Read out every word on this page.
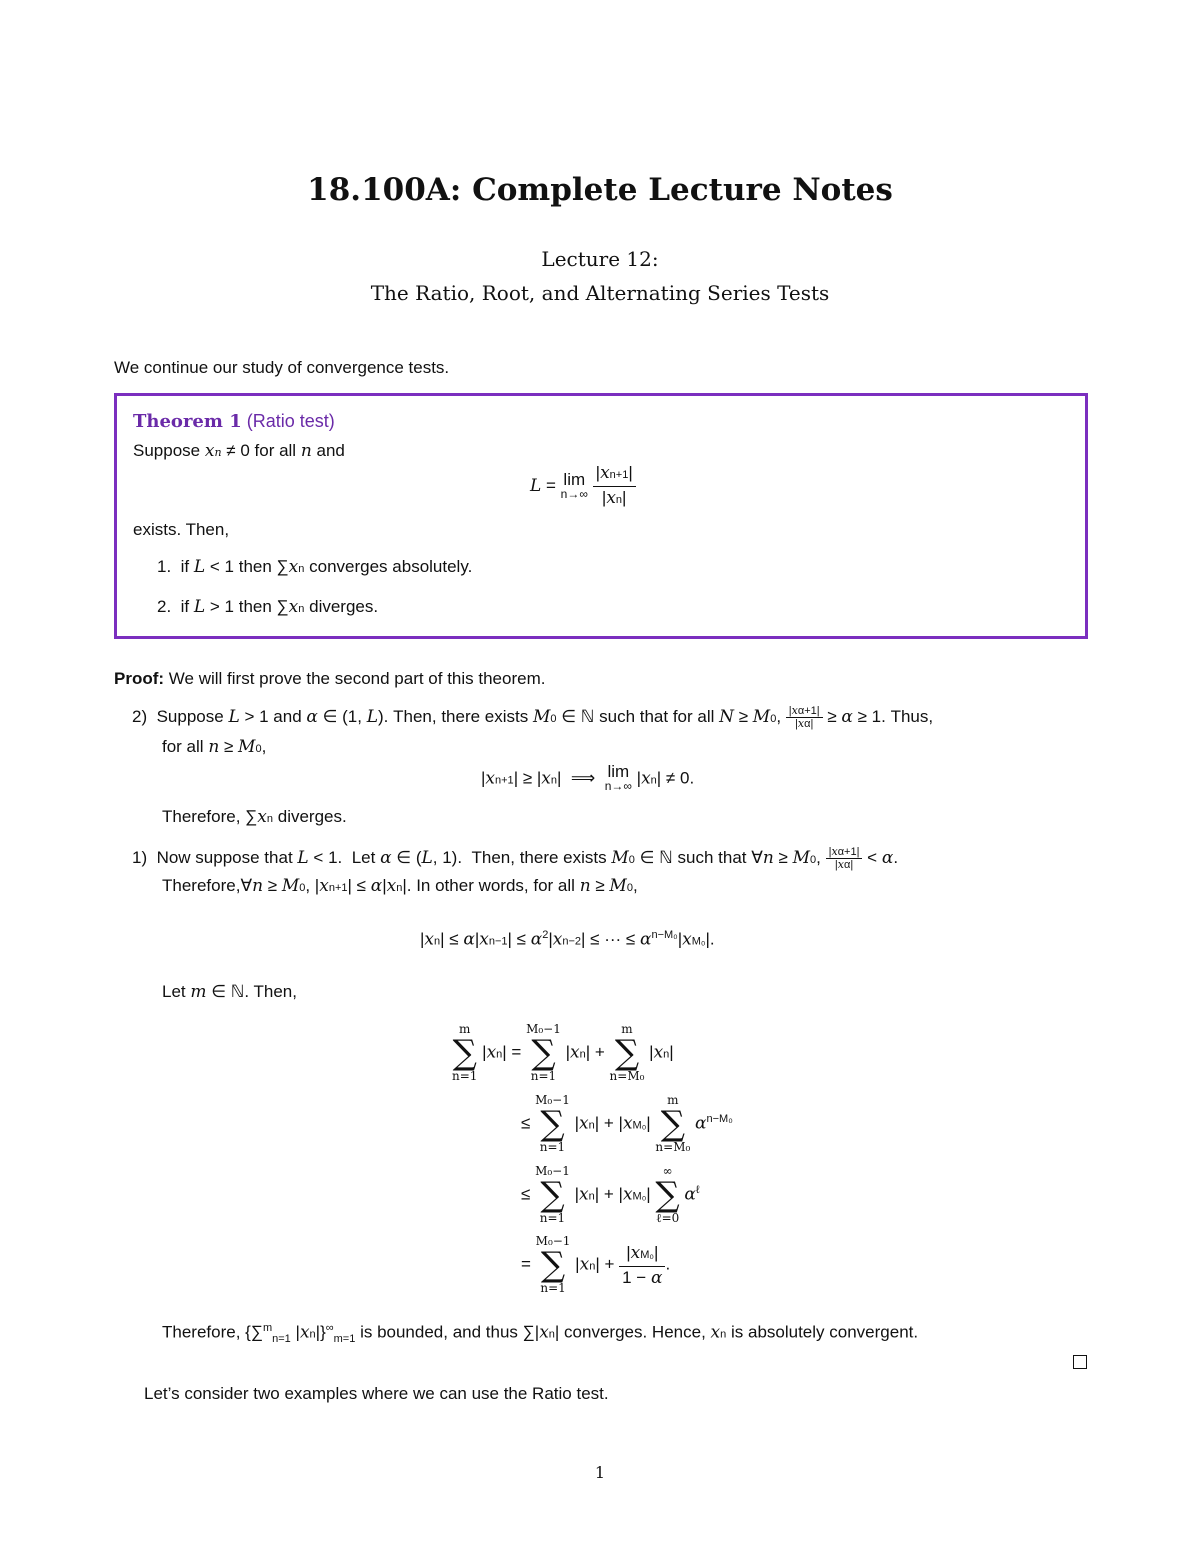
18.100A: Complete Lecture Notes
Lecture 12:
The Ratio, Root, and Alternating Series Tests
We continue our study of convergence tests.
Theorem 1 (Ratio test)
Suppose xn ≠ 0 for all n and
L = lim
n→∞
$\frac{|xn+1|}{|xn|}$
exists. Then,
1. if L < 1 then ∑xn converges absolutely.
2. if L > 1 then ∑xn diverges.
Proof: We will first prove the second part of this theorem.
2) Suppose L > 1 and α ∈ (1, L). Then, there exists M0 ∈ ℕ such that for all N ≥ M0, $\frac{|x\alpha+1|}{|x\alpha|} \ge \alpha \ge 1$. Thus,
for all n ≥ M0,
|xn+1| ≥ |xn|  ⟹  lim
n→∞ |xn| ≠ 0.
Therefore, ∑xn diverges.
1) Now suppose that L < 1.  Let α ∈ (L, 1).  Then, there exists M0 ∈ ℕ such that ∀n ≥ M0, $\frac{|x\alpha+1|}{|x\alpha|} < \alpha$.
Therefore,∀n ≥ M0, |xn+1| ≤ α|xn|. In other words, for all n ≥ M0,
$|xn| \le \alpha|xn-1| \le \alpha^2|xn-2|$ ≤ ··· ≤ $\alpha^{n-M_0}|xM_0|$.
Let m ∈ ℕ. Then,
m
∑
n=1
|xn| =
M₀−1
∑
n=1
|xn| +
m
∑
n=M₀
|xn|
≤
M₀−1
∑
n=1
|xn| + |xM₀|
m
∑
n=M₀
$\alpha^{n-M_0}$
≤
M₀−1
∑
n=1
|xn| + |xM₀|
∞
∑
ℓ=0
$\alpha^\ell$
=
M₀−1
∑
n=1
$|xn| + \frac{\text{|xM₀|}}{1 - \alpha}$ .
Therefore, {∑$^m_{n=1}$ $|xn|\}^\infty_{m=1}$ is bounded, and thus ∑|xn| converges. Hence, xn is absolutely convergent.
Let’s consider two examples where we can use the Ratio test.
1
